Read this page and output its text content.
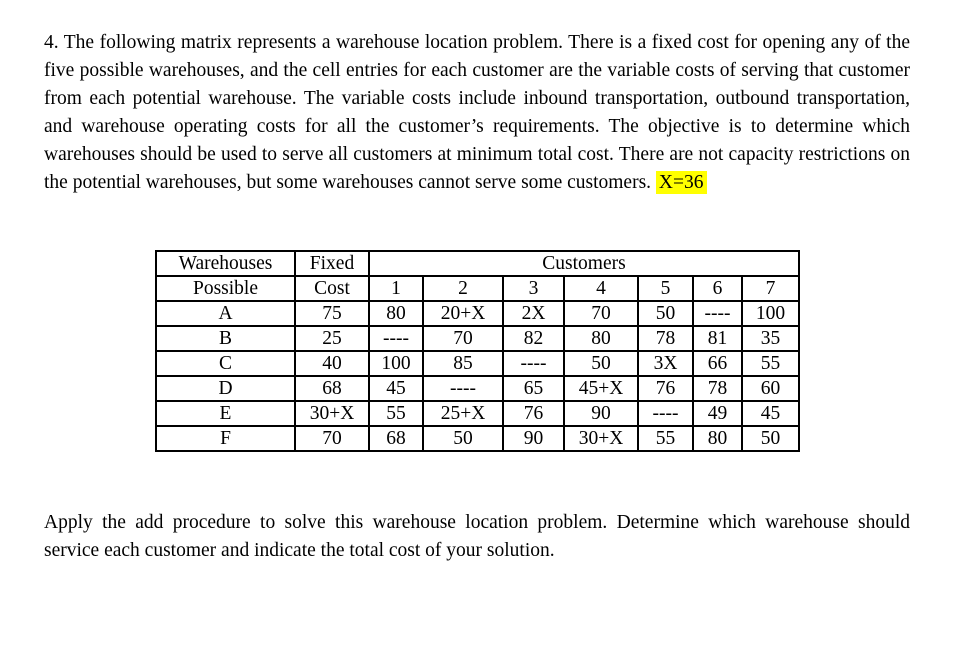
4. The following matrix represents a warehouse location problem. There is a fixed cost for opening any of the five possible warehouses, and the cell entries for each customer are the variable costs of serving that customer from each potential warehouse. The variable costs include inbound transportation, outbound transportation, and warehouse operating costs for all the customer’s requirements. The objective is to determine which warehouses should be used to serve all customers at minimum total cost. There are not capacity restrictions on the potential warehouses, but some warehouses cannot serve some customers. X=36

Warehouses	Fixed	Customers						
Possible	Cost	1	2	3	4	5	6	7
A	75	80	20+X	2X	70	50	----	100
B	25	----	70	82	80	78	81	35
C	40	100	85	----	50	3X	66	55
D	68	45	----	65	45+X	76	78	60
E	30+X	55	25+X	76	90	----	49	45
F	70	68	50	90	30+X	55	80	50

Apply the add procedure to solve this warehouse location problem. Determine which warehouse should service each customer and indicate the total cost of your solution.
